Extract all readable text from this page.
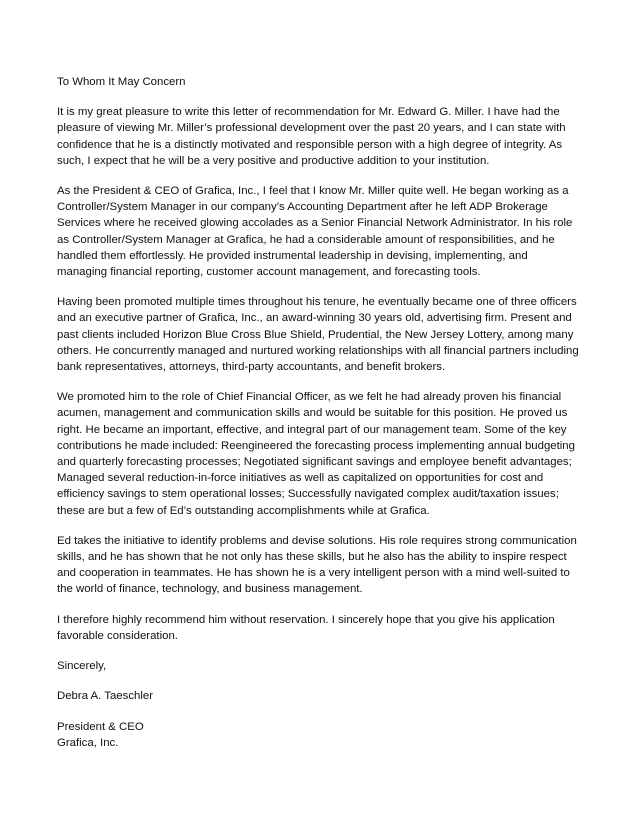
To Whom It May Concern

It is my great pleasure to write this letter of recommendation for Mr. Edward G. Miller. I have had the pleasure of viewing Mr. Miller’s professional development over the past 20 years, and I can state with confidence that he is a distinctly motivated and responsible person with a high degree of integrity. As such, I expect that he will be a very positive and productive addition to your institution.

As the President & CEO of Grafica, Inc., I feel that I know Mr. Miller quite well. He began working as a Controller/System Manager in our company’s Accounting Department after he left ADP Brokerage Services where he received glowing accolades as a Senior Financial Network Administrator. In his role as Controller/System Manager at Grafica, he had a considerable amount of responsibilities, and he handled them effortlessly. He provided instrumental leadership in devising, implementing, and managing financial reporting, customer account management, and forecasting tools.

Having been promoted multiple times throughout his tenure, he eventually became one of three officers and an executive partner of Grafica, Inc., an award-winning 30 years old, advertising firm. Present and past clients included Horizon Blue Cross Blue Shield, Prudential, the New Jersey Lottery, among many others. He concurrently managed and nurtured working relationships with all financial partners including bank representatives, attorneys, third-party accountants, and benefit brokers.

We promoted him to the role of Chief Financial Officer, as we felt he had already proven his financial acumen, management and communication skills and would be suitable for this position. He proved us right. He became an important, effective, and integral part of our management team. Some of the key contributions he made included: Reengineered the forecasting process implementing annual budgeting and quarterly forecasting processes; Negotiated significant savings and employee benefit advantages; Managed several reduction-in-force initiatives as well as capitalized on opportunities for cost and efficiency savings to stem operational losses; Successfully navigated complex audit/taxation issues; these are but a few of Ed’s outstanding accomplishments while at Grafica.

Ed takes the initiative to identify problems and devise solutions. His role requires strong communication skills, and he has shown that he not only has these skills, but he also has the ability to inspire respect and cooperation in teammates. He has shown he is a very intelligent person with a mind well-suited to the world of finance, technology, and business management.

I therefore highly recommend him without reservation. I sincerely hope that you give his application favorable consideration.

Sincerely,

Debra A. Taeschler

President & CEO
Grafica, Inc.
